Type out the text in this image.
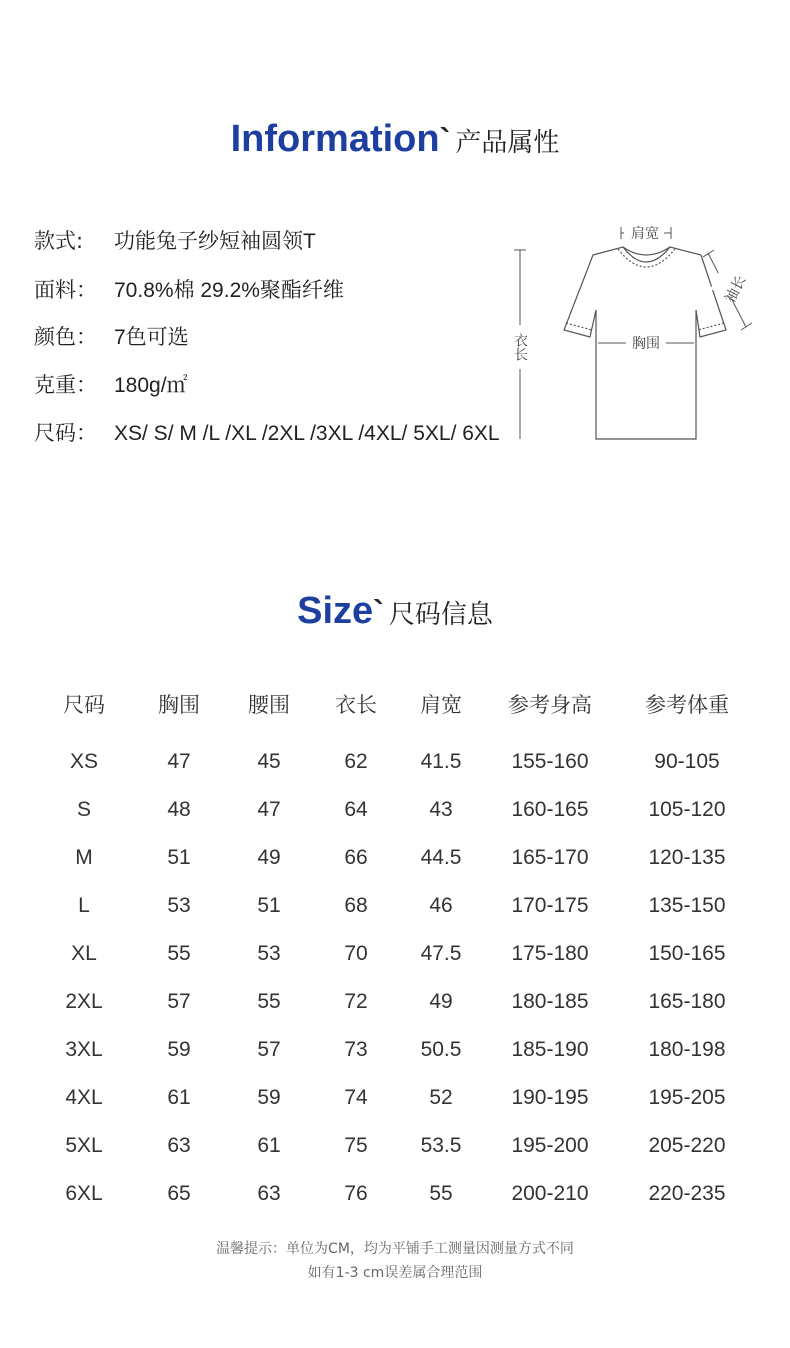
Information` 产品属性
款式: 功能兔子纱短袖圆领T
面料： 70.8%棉 29.2%聚酯纤维
颜色： 7色可选
克重： 180g/㎡
尺码： XS/ S/ M /L /XL /2XL /3XL /4XL/ 5XL/ 6XL
肩宽
胸围
衣长
袖长
Size` 尺码信息
尺码	胸围	腰围	衣长	肩宽	参考身高	参考体重
XS	47	45	62	41.5	155-160	90-105
S	48	47	64	43	160-165	105-120
M	51	49	66	44.5	165-170	120-135
L	53	51	68	46	170-175	135-150
XL	55	53	70	47.5	175-180	150-165
2XL	57	55	72	49	180-185	165-180
3XL	59	57	73	50.5	185-190	180-198
4XL	61	59	74	52	190-195	195-205
5XL	63	61	75	53.5	195-200	205-220
6XL	65	63	76	55	200-210	220-235
温馨提示：单位为CM，均为平铺手工测量因测量方式不同
如有1-3 cm误差属合理范围
